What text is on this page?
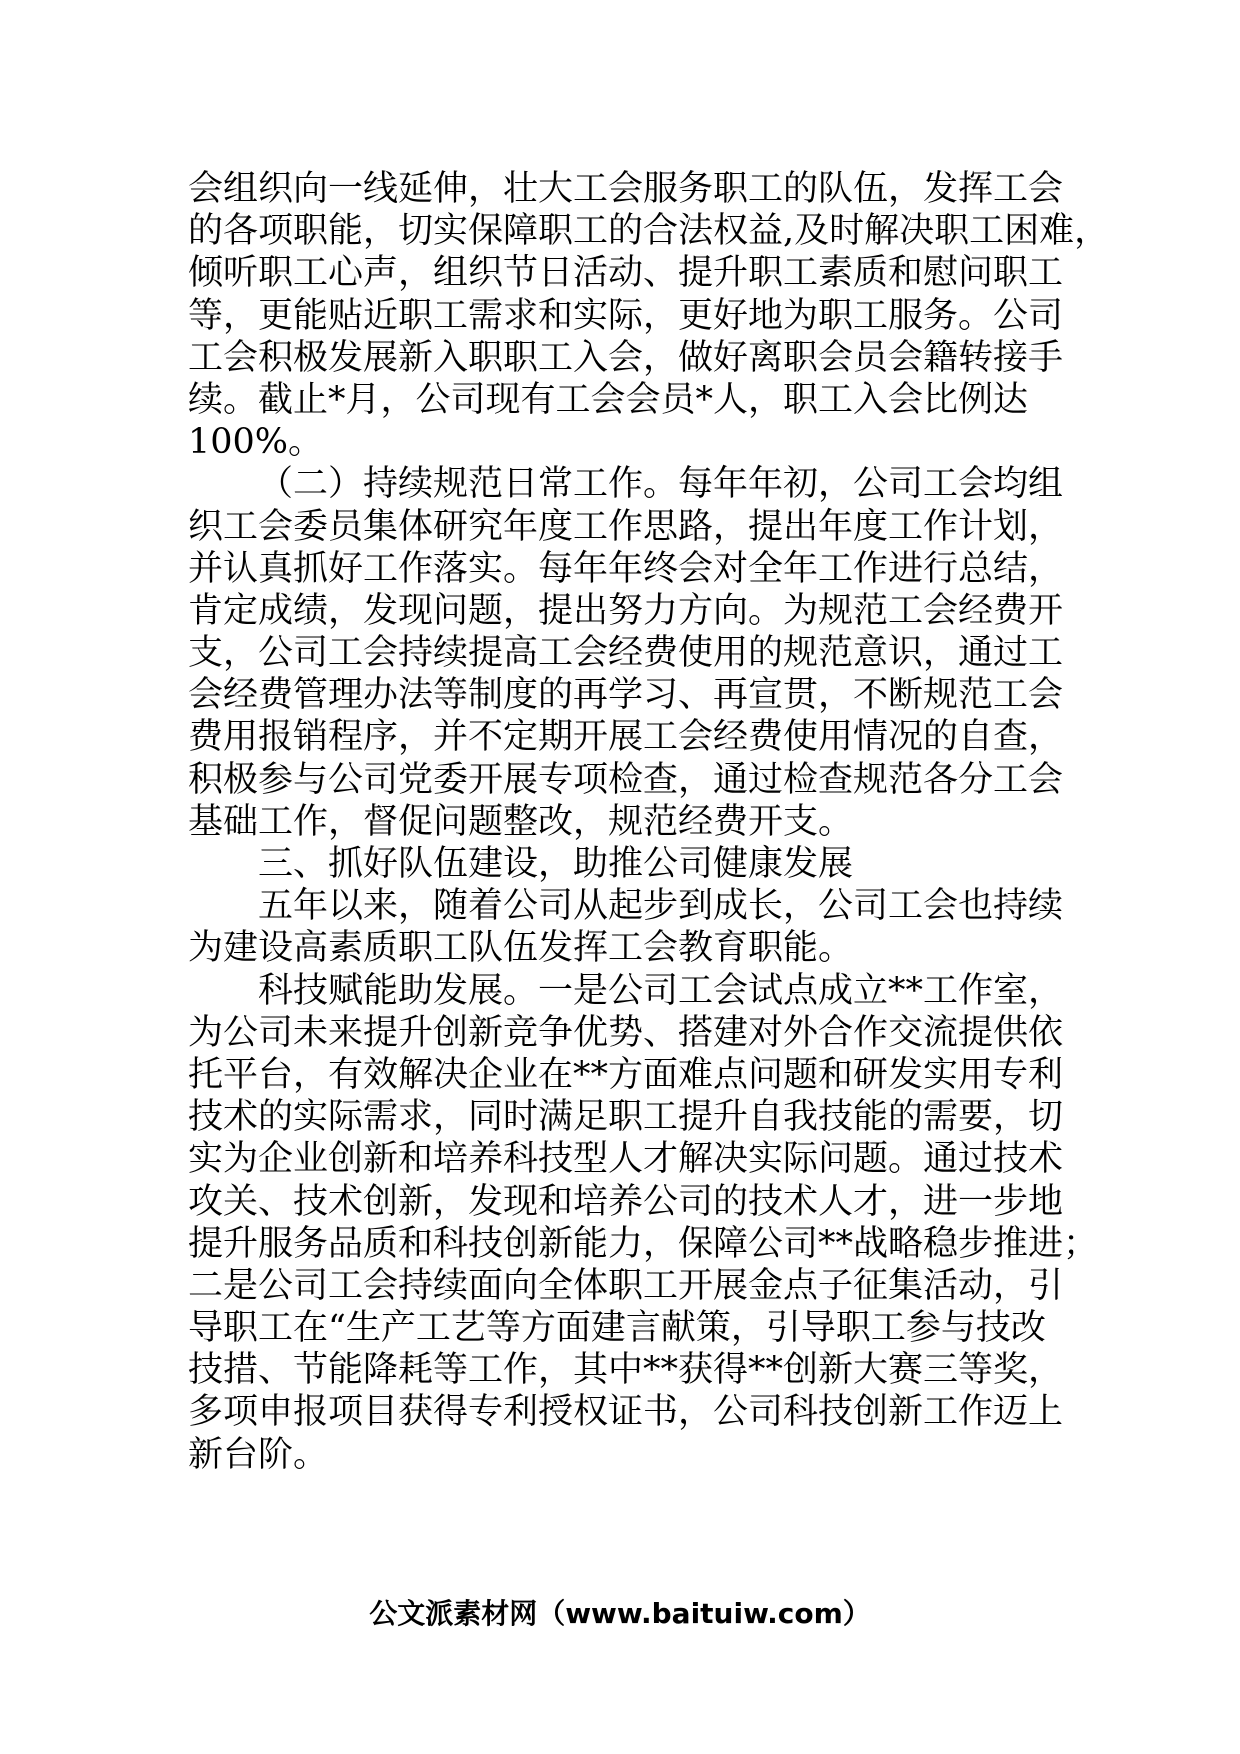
会组织向一线延伸，壮大工会服务职工的队伍，发挥工会
的各项职能，切实保障职工的合法权益,及时解决职工困难，
倾听职工心声，组织节日活动、提升职工素质和慰问职工
等，更能贴近职工需求和实际，更好地为职工服务。公司
工会积极发展新入职职工入会，做好离职会员会籍转接手
续。截止*月，公司现有工会会员*人，职工入会比例达
100%。
（二）持续规范日常工作。每年年初，公司工会均组
织工会委员集体研究年度工作思路，提出年度工作计划，
并认真抓好工作落实。每年年终会对全年工作进行总结，
肯定成绩，发现问题，提出努力方向。为规范工会经费开
支，公司工会持续提高工会经费使用的规范意识，通过工
会经费管理办法等制度的再学习、再宣贯，不断规范工会
费用报销程序，并不定期开展工会经费使用情况的自查，
积极参与公司党委开展专项检查，通过检查规范各分工会
基础工作，督促问题整改，规范经费开支。
三、抓好队伍建设，助推公司健康发展
五年以来，随着公司从起步到成长，公司工会也持续
为建设高素质职工队伍发挥工会教育职能。
科技赋能助发展。一是公司工会试点成立**工作室，
为公司未来提升创新竞争优势、搭建对外合作交流提供依
托平台，有效解决企业在**方面难点问题和研发实用专利
技术的实际需求，同时满足职工提升自我技能的需要，切
实为企业创新和培养科技型人才解决实际问题。通过技术
攻关、技术创新，发现和培养公司的技术人才，进一步地
提升服务品质和科技创新能力，保障公司**战略稳步推进；
二是公司工会持续面向全体职工开展金点子征集活动，引
导职工在“生产工艺等方面建言献策，引导职工参与技改
技措、节能降耗等工作，其中**获得**创新大赛三等奖，
多项申报项目获得专利授权证书，公司科技创新工作迈上
新台阶。
公文派素材网（www.baituiw.com）
